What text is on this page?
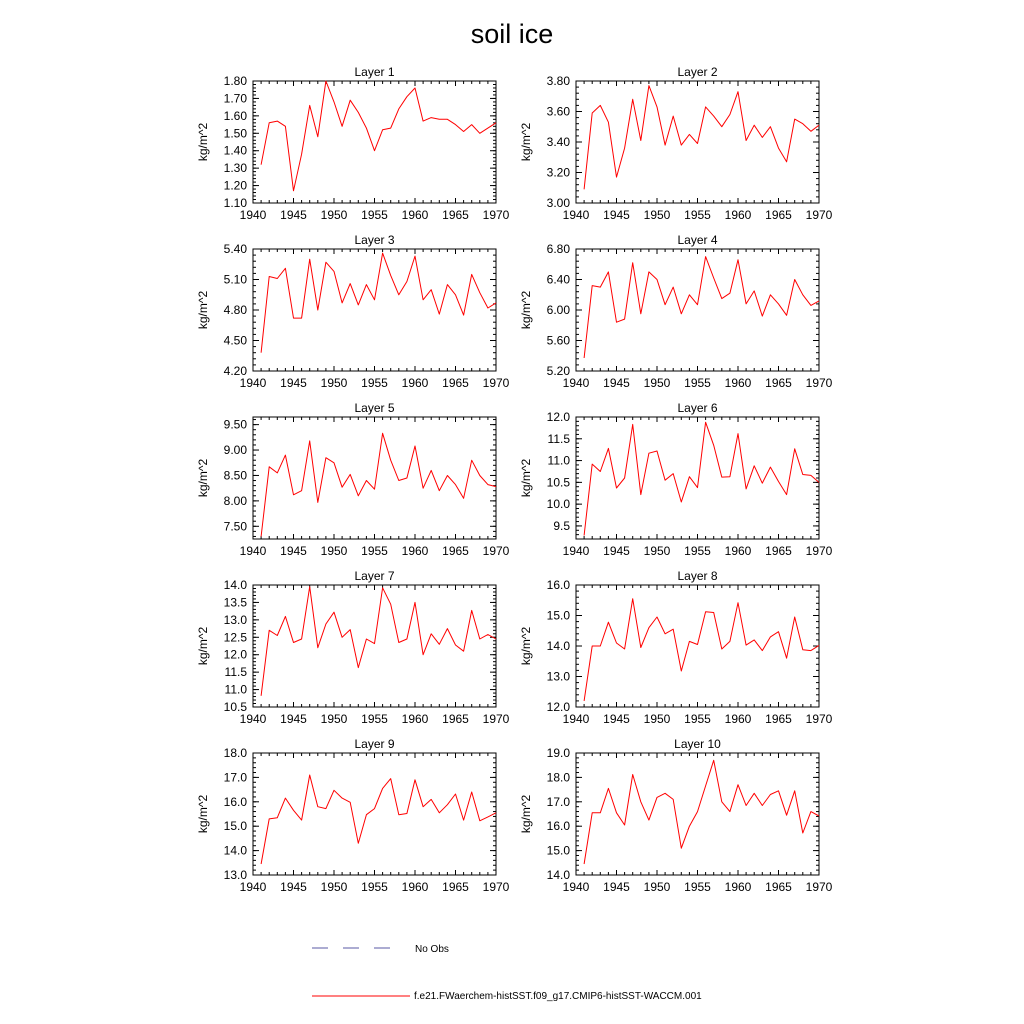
soil ice
Layer 1
kg/m^2
1940 1945 1950 1955 1960 1965 1970
1.10
1.20
1.30
1.40
1.50
1.60
1.70
1.80
Layer 2
kg/m^2
1940 1945 1950 1955 1960 1965 1970
3.00
3.20
3.40
3.60
3.80
Layer 3
kg/m^2
1940 1945 1950 1955 1960 1965 1970
4.20
4.50
4.80
5.10
5.40
Layer 4
kg/m^2
1940 1945 1950 1955 1960 1965 1970
5.20
5.60
6.00
6.40
6.80
Layer 5
kg/m^2
1940 1945 1950 1955 1960 1965 1970
7.50
8.00
8.50
9.00
9.50
Layer 6
kg/m^2
1940 1945 1950 1955 1960 1965 1970
9.5
10.0
10.5
11.0
11.5
12.0
Layer 7
kg/m^2
1940 1945 1950 1955 1960 1965 1970
10.5
11.0
11.5
12.0
12.5
13.0
13.5
14.0
Layer 8
kg/m^2
1940 1945 1950 1955 1960 1965 1970
12.0
13.0
14.0
15.0
16.0
Layer 9
kg/m^2
1940 1945 1950 1955 1960 1965 1970
13.0
14.0
15.0
16.0
17.0
18.0
Layer 10
kg/m^2
1940 1945 1950 1955 1960 1965 1970
14.0
15.0
16.0
17.0
18.0
19.0
No Obs
f.e21.FWaerchem-histSST.f09_g17.CMIP6-histSST-WACCM.001
